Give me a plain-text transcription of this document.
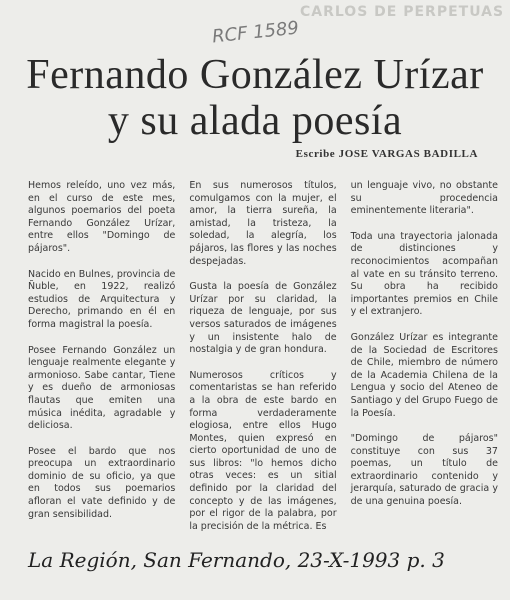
CARLOS DE PERPETUAS
RCF 1589
Fernando González Urízar
y su alada poesía
Escribe JOSE VARGAS BADILLA

Hemos releído, uno vez más, en el curso de este mes, algunos poemarios del poeta Fernando González Urízar, entre ellos "Domingo de pájaros".

Nacido en Bulnes, provincia de Ñuble, en 1922, realizó estudios de Arquitectura y Derecho, primando en él en forma magistral la poesía.

Posee Fernando González un lenguaje realmente elegante y armonioso. Sabe cantar, Tiene y es dueño de armoniosas flautas que emiten una música inédita, agradable y deliciosa.

Posee el bardo que nos preocupa un extraordinario dominio de su oficio, ya que en todos sus poemarios afloran el vate definido y de gran sensibilidad.

En sus numerosos títulos, comulgamos con la mujer, el amor, la tierra sureña, la amistad, la tristeza, la soledad, la alegría, los pájaros, las flores y las noches despejadas.

Gusta la poesía de González Urízar por su claridad, la riqueza de lenguaje, por sus versos saturados de imágenes y un insistente halo de nostalgia y de gran hondura.

Numerosos críticos y comentaristas se han referido a la obra de este bardo en forma verdaderamente elogiosa, entre ellos Hugo Montes, quien expresó en cierto oportunidad de uno de sus libros: "lo hemos dicho otras veces: es un sitial definido por la claridad del concepto y de las imágenes, por el rigor de la palabra, por la precisión de la métrica. Es

un lenguaje vivo, no obstante su procedencia eminentemente literaria".

Toda una trayectoria jalonada de distinciones y reconocimientos acompañan al vate en su tránsito terreno. Su obra ha recibido importantes premios en Chile y el extranjero.

González Urízar es integrante de la Sociedad de Escritores de Chile, miembro de número de la Academia Chilena de la Lengua y socio del Ateneo de Santiago y del Grupo Fuego de la Poesía.

"Domingo de pájaros" constituye con sus 37 poemas, un título de extraordinario contenido y jerarquía, saturado de gracia y de una genuina poesía.

La Región, San Fernando, 23-X-1993 p. 3
